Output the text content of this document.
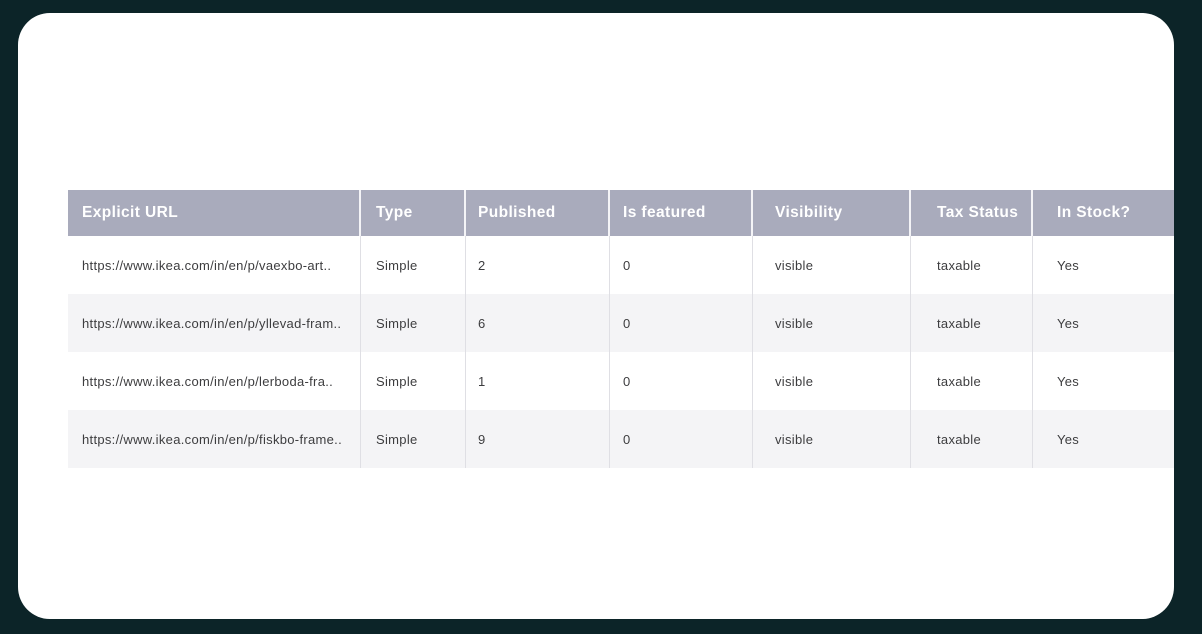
Explicit URL	Type	Published	Is featured	Visibility	Tax Status	In Stock?
https://www.ikea.com/in/en/p/vaexbo-art..	Simple	2	0	visible	taxable	Yes
https://www.ikea.com/in/en/p/yllevad-fram..	Simple	6	0	visible	taxable	Yes
https://www.ikea.com/in/en/p/lerboda-fra..	Simple	1	0	visible	taxable	Yes
https://www.ikea.com/in/en/p/fiskbo-frame..	Simple	9	0	visible	taxable	Yes
